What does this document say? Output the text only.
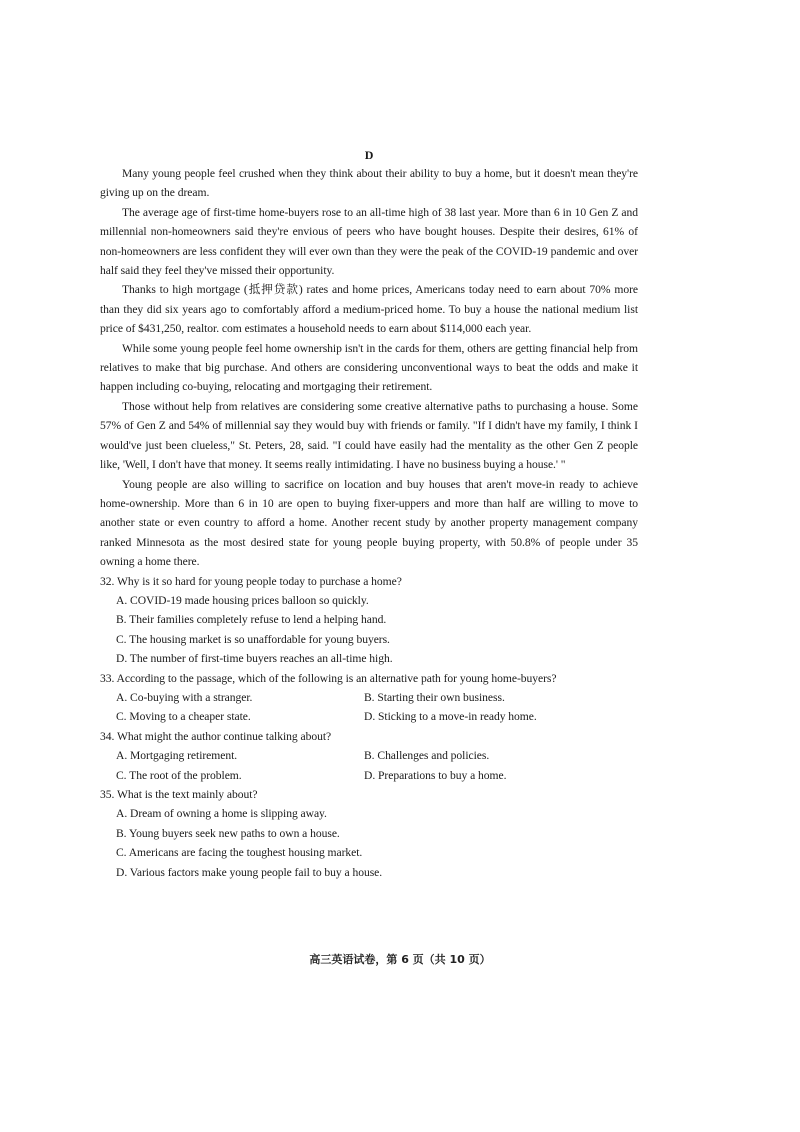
D

Many young people feel crushed when they think about their ability to buy a home, but it doesn't mean they're giving up on the dream.

The average age of first-time home-buyers rose to an all-time high of 38 last year. More than 6 in 10 Gen Z and millennial non-homeowners said they're envious of peers who have bought houses. Despite their desires, 61% of non-homeowners are less confident they will ever own than they were the peak of the COVID-19 pandemic and over half said they feel they've missed their opportunity.

Thanks to high mortgage (抵押贷款) rates and home prices, Americans today need to earn about 70% more than they did six years ago to comfortably afford a medium-priced home. To buy a house the national medium list price of $431,250, realtor. com estimates a household needs to earn about $114,000 each year.

While some young people feel home ownership isn't in the cards for them, others are getting financial help from relatives to make that big purchase. And others are considering unconventional ways to beat the odds and make it happen including co-buying, relocating and mortgaging their retirement.

Those without help from relatives are considering some creative alternative paths to purchasing a house. Some 57% of Gen Z and 54% of millennial say they would buy with friends or family. "If I didn't have my family, I think I would've just been clueless," St. Peters, 28, said. "I could have easily had the mentality as the other Gen Z people like, 'Well, I don't have that money. It seems really intimidating. I have no business buying a house.' "

Young people are also willing to sacrifice on location and buy houses that aren't move-in ready to achieve home-ownership. More than 6 in 10 are open to buying fixer-uppers and more than half are willing to move to another state or even country to afford a home. Another recent study by another property management company ranked Minnesota as the most desired state for young people buying property, with 50.8% of people under 35 owning a home there.

32. Why is it so hard for young people today to purchase a home?

A. COVID-19 made housing prices balloon so quickly.

B. Their families completely refuse to lend a helping hand.

C. The housing market is so unaffordable for young buyers.

D. The number of first-time buyers reaches an all-time high.

33. According to the passage, which of the following is an alternative path for young home-buyers?

A. Co-buying with a stranger.	B. Starting their own business.
C. Moving to a cheaper state.	D. Sticking to a move-in ready home.

34. What might the author continue talking about?

A. Mortgaging retirement.	B. Challenges and policies.
C. The root of the problem.	D. Preparations to buy a home.

35. What is the text mainly about?

A. Dream of owning a home is slipping away.

B. Young buyers seek new paths to own a house.

C. Americans are facing the toughest housing market.

D. Various factors make young people fail to buy a house.

高三英语试卷，第 6 页（共 10 页）
